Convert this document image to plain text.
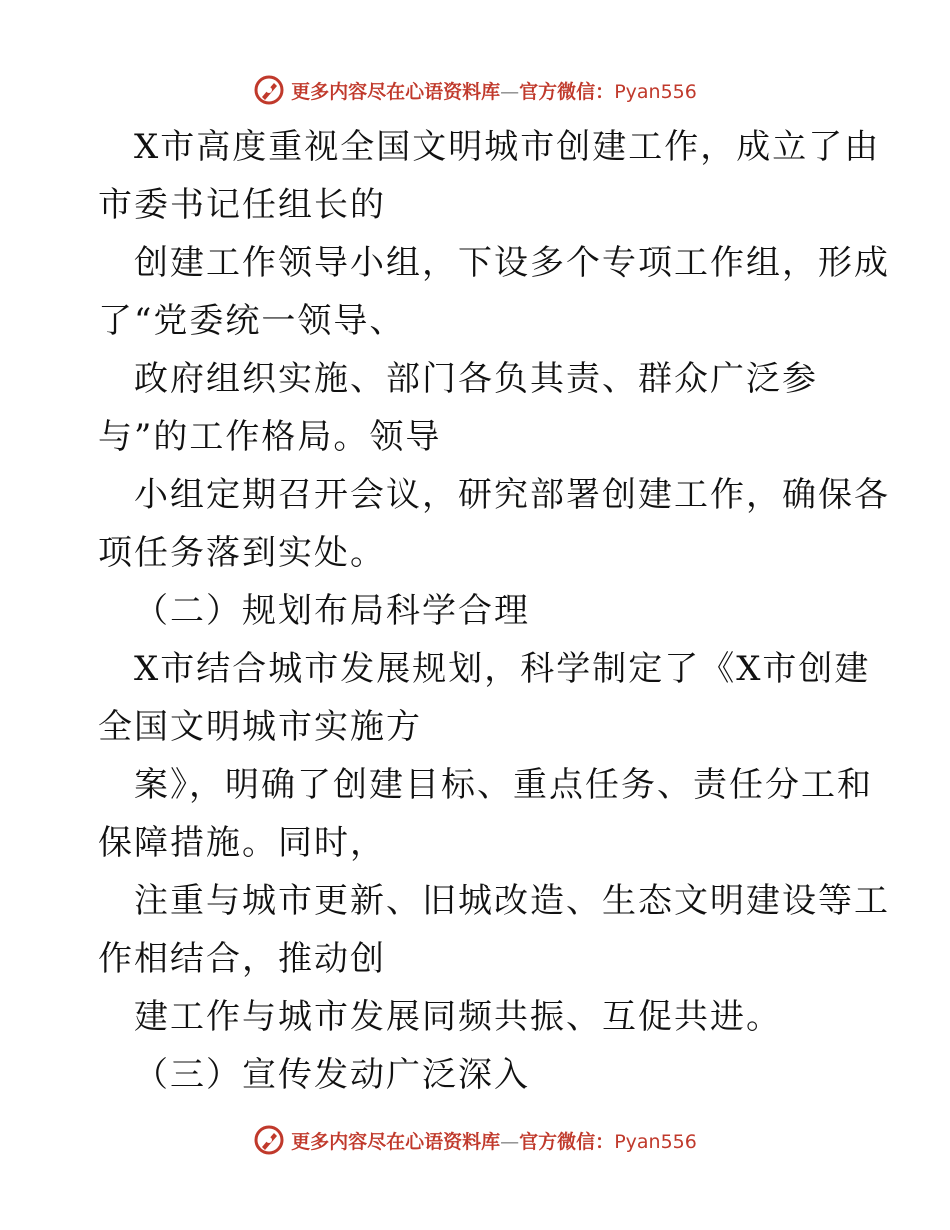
更多内容尽在心语资料库—官方微信：Pyan556
X市高度重视全国文明城市创建工作，成立了由
市委书记任组长的
创建工作领导小组，下设多个专项工作组，形成
了“党委统一领导、
政府组织实施、部门各负其责、群众广泛参
与”的工作格局。领导
小组定期召开会议，研究部署创建工作，确保各
项任务落到实处。
（二）规划布局科学合理
X市结合城市发展规划，科学制定了《X市创建
全国文明城市实施方
案》，明确了创建目标、重点任务、责任分工和
保障措施。同时，
注重与城市更新、旧城改造、生态文明建设等工
作相结合，推动创
建工作与城市发展同频共振、互促共进。
（三）宣传发动广泛深入
更多内容尽在心语资料库—官方微信：Pyan556
